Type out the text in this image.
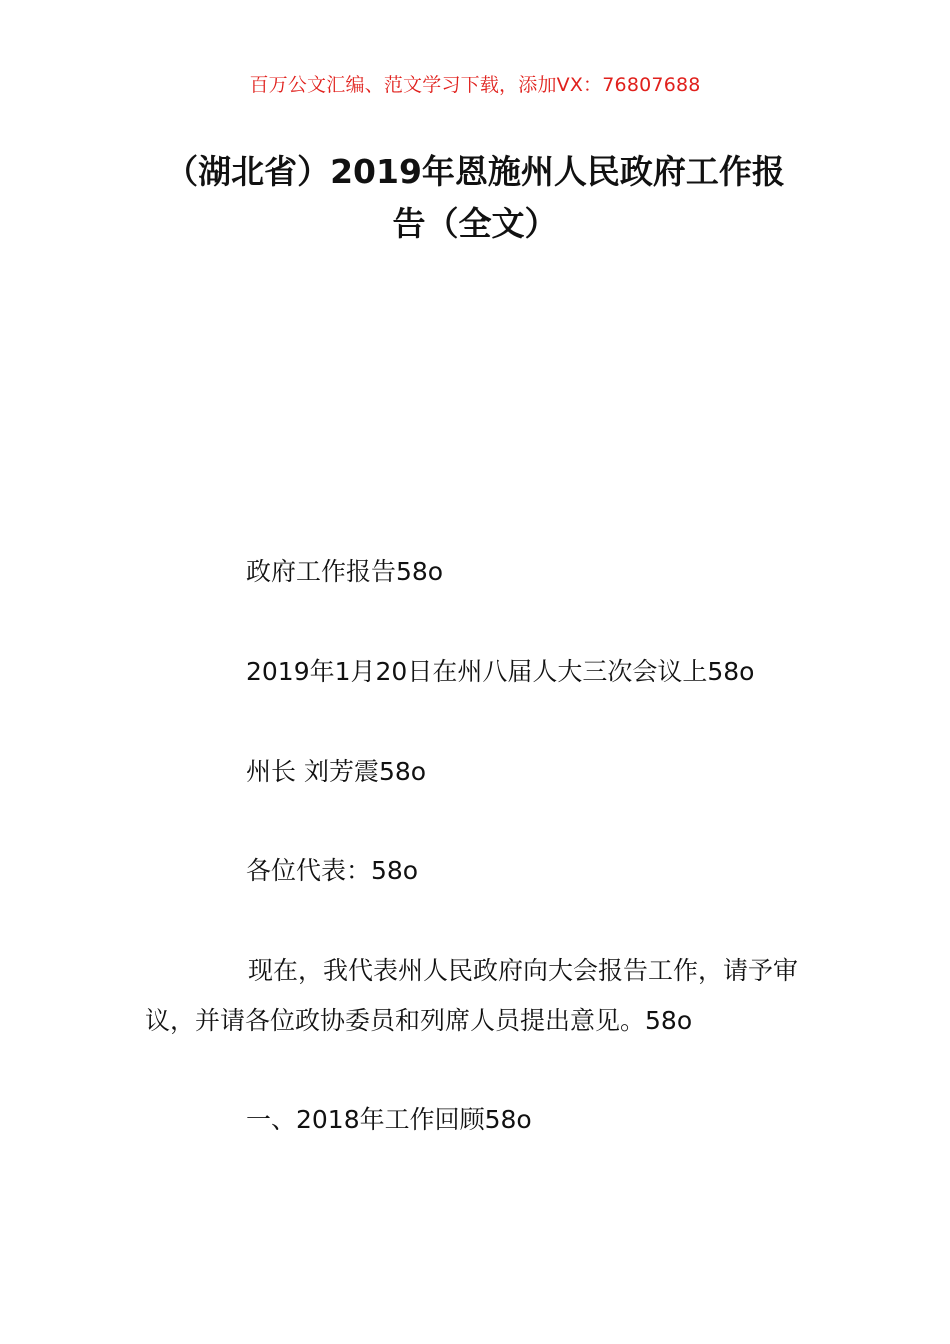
百万公文汇编、范文学习下载，添加VX：76807688
（湖北省）2019年恩施州人民政府工作报
告（全文）
政府工作报告58o
2019年1月20日在州八届人大三次会议上58o
州长 刘芳震58o
各位代表：58o
现在，我代表州人民政府向大会报告工作，请予审议，并请各位政协委员和列席人员提出意见。58o
一、2018年工作回顾58o
